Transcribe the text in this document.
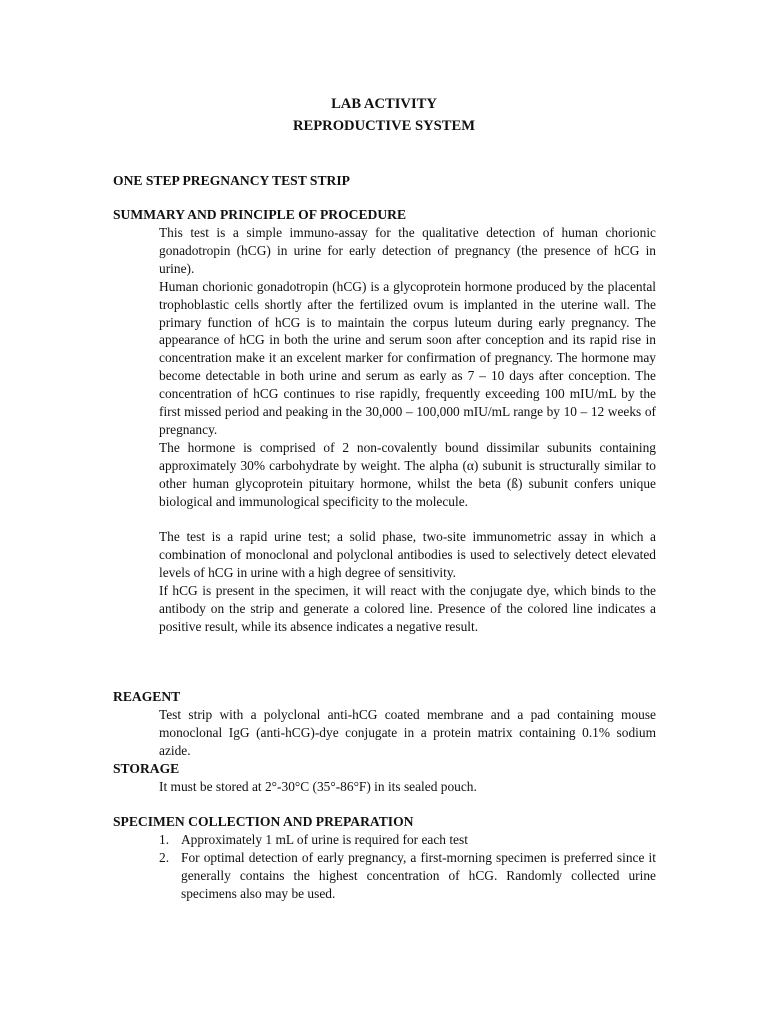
LAB ACTIVITY
REPRODUCTIVE SYSTEM
ONE STEP PREGNANCY TEST STRIP
SUMMARY AND PRINCIPLE OF PROCEDURE

This test is a simple immuno-assay for the qualitative detection of human chorionic gonadotropin (hCG) in urine for early detection of pregnancy (the presence of hCG in urine).

Human chorionic gonadotropin (hCG) is a glycoprotein hormone produced by the placental trophoblastic cells shortly after the fertilized ovum is implanted in the uterine wall. The primary function of hCG is to maintain the corpus luteum during early pregnancy. The appearance of hCG in both the urine and serum soon after conception and its rapid rise in concentration make it an excelent marker for confirmation of pregnancy. The hormone may become detectable in both urine and serum as early as 7 – 10 days after conception. The concentration of hCG continues to rise rapidly, frequently exceeding 100 mIU/mL by the first missed period and peaking in the 30,000 – 100,000 mIU/mL range by 10 – 12 weeks of pregnancy.

The hormone is comprised of 2 non-covalently bound dissimilar subunits containing approximately 30% carbohydrate by weight. The alpha (α) subunit is structurally similar to other human glycoprotein pituitary hormone, whilst the beta (ß) subunit confers unique biological and immunological specificity to the molecule.

The test is a rapid urine test; a solid phase, two-site immunometric assay in which a combination of monoclonal and polyclonal antibodies is used to selectively detect elevated levels of hCG in urine with a high degree of sensitivity.

If hCG is present in the specimen, it will react with the conjugate dye, which binds to the antibody on the strip and generate a colored line. Presence of the colored line indicates a positive result, while its absence indicates a negative result.

REAGENT
Test strip with a polyclonal anti-hCG coated membrane and a pad containing mouse monoclonal IgG (anti-hCG)-dye conjugate in a protein matrix containing 0.1% sodium azide.
STORAGE
It must be stored at 2°-30°C (35°-86°F) in its sealed pouch.
SPECIMEN COLLECTION AND PREPARATION
1. Approximately 1 mL of urine is required for each test
2. For optimal detection of early pregnancy, a first-morning specimen is preferred since it generally contains the highest concentration of hCG. Randomly collected urine specimens also may be used.
